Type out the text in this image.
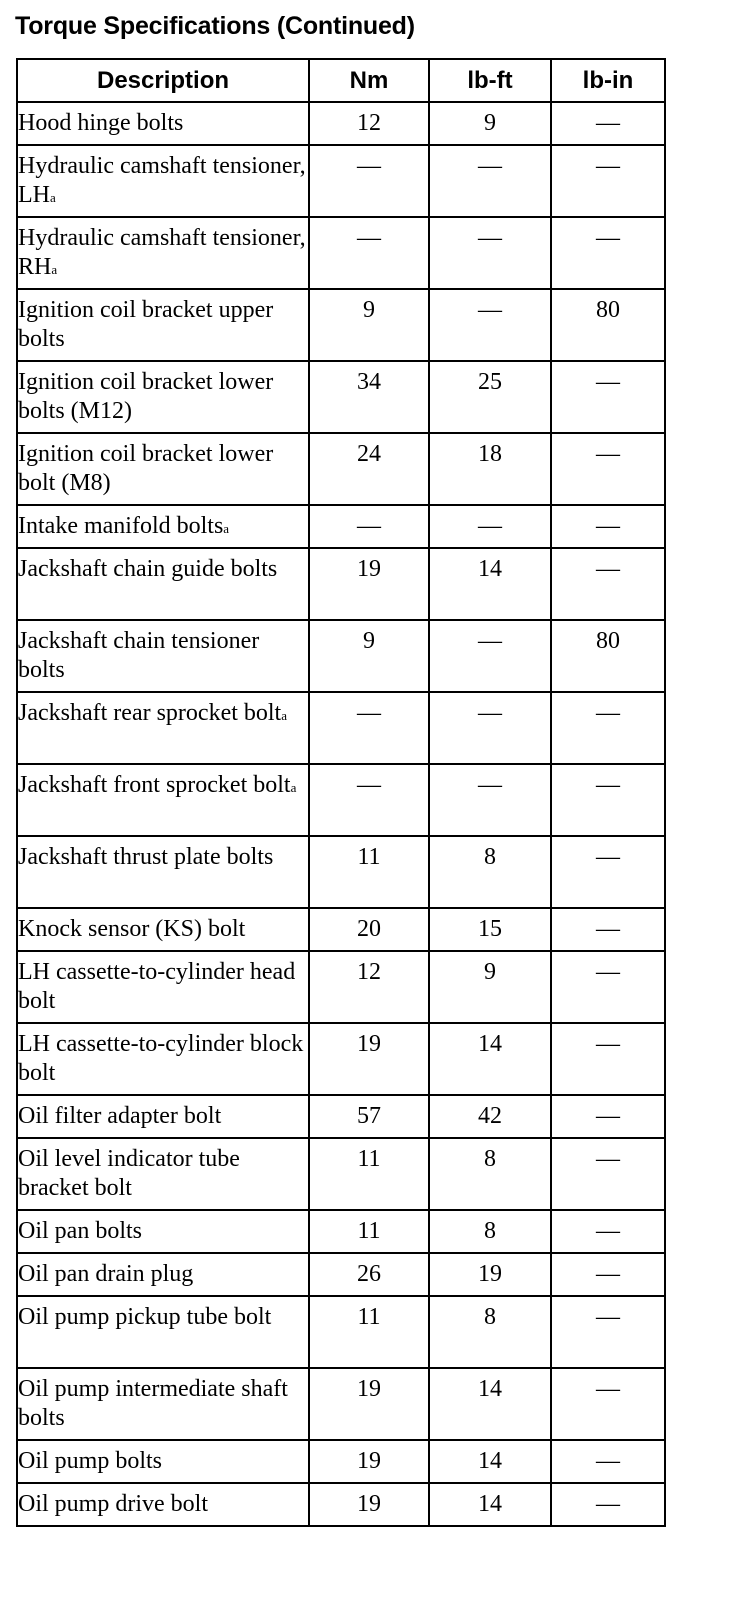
Torque Specifications (Continued)
Description	Nm	lb-ft	lb-in
Hood hinge bolts	12	9	—
Hydraulic camshaft tensioner, $LH^a$	—	—	—
Hydraulic camshaft tensioner, $RH^a$	—	—	—
Ignition coil bracket upper bolts	9	—	80
Ignition coil bracket lower bolts (M12)	34	25	—
Ignition coil bracket lower bolt (M8)	24	18	—
Intake manifold bolts$^a$	—	—	—
Jackshaft chain guide bolts	19	14	—
Jackshaft chain tensioner bolts	9	—	80
Jackshaft rear sprocket bolt$^a$	—	—	—
Jackshaft front sprocket bolt$^a$	—	—	—
Jackshaft thrust plate bolts	11	8	—
Knock sensor (KS) bolt	20	15	—
LH cassette-to-cylinder head bolt	12	9	—
LH cassette-to-cylinder block bolt	19	14	—
Oil filter adapter bolt	57	42	—
Oil level indicator tube bracket bolt	11	8	—
Oil pan bolts	11	8	—
Oil pan drain plug	26	19	—
Oil pump pickup tube bolt	11	8	—
Oil pump intermediate shaft bolts	19	14	—
Oil pump bolts	19	14	—
Oil pump drive bolt	19	14	—
